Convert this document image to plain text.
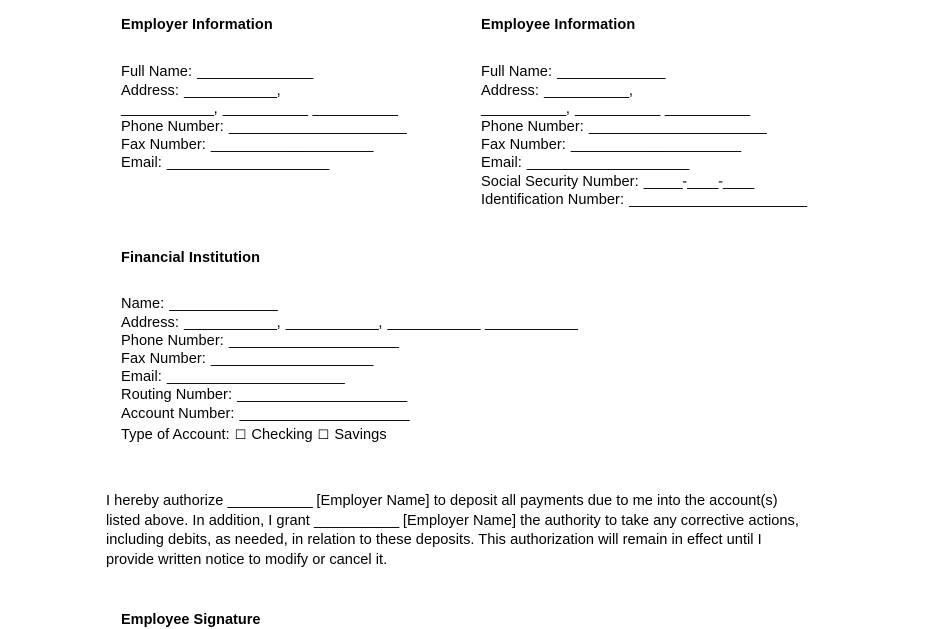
Employer Information
Full Name: _______________
Address: ____________,
____________, ___________ ___________
Phone Number: _______________________
Fax Number: _____________________
Email: _____________________
Employee Information
Full Name: ______________
Address: ___________,
___________, ___________ ___________
Phone Number: _______________________
Fax Number: ______________________
Email: _____________________
Social Security Number: _____-____-____
Identification Number: _______________________
Financial Institution
Name: ______________
Address: ____________, ____________, ____________ ____________
Phone Number: ______________________
Fax Number: _____________________
Email: _______________________
Routing Number: ______________________
Account Number: ______________________
Type of Account: ☐ Checking ☐ Savings
I hereby authorize ___________ [Employer Name] to deposit all payments due to me into the account(s) listed above. In addition, I grant ___________ [Employer Name] the authority to take any corrective actions, including debits, as needed, in relation to these deposits. This authorization will remain in effect until I provide written notice to modify or cancel it.
Employee Signature
